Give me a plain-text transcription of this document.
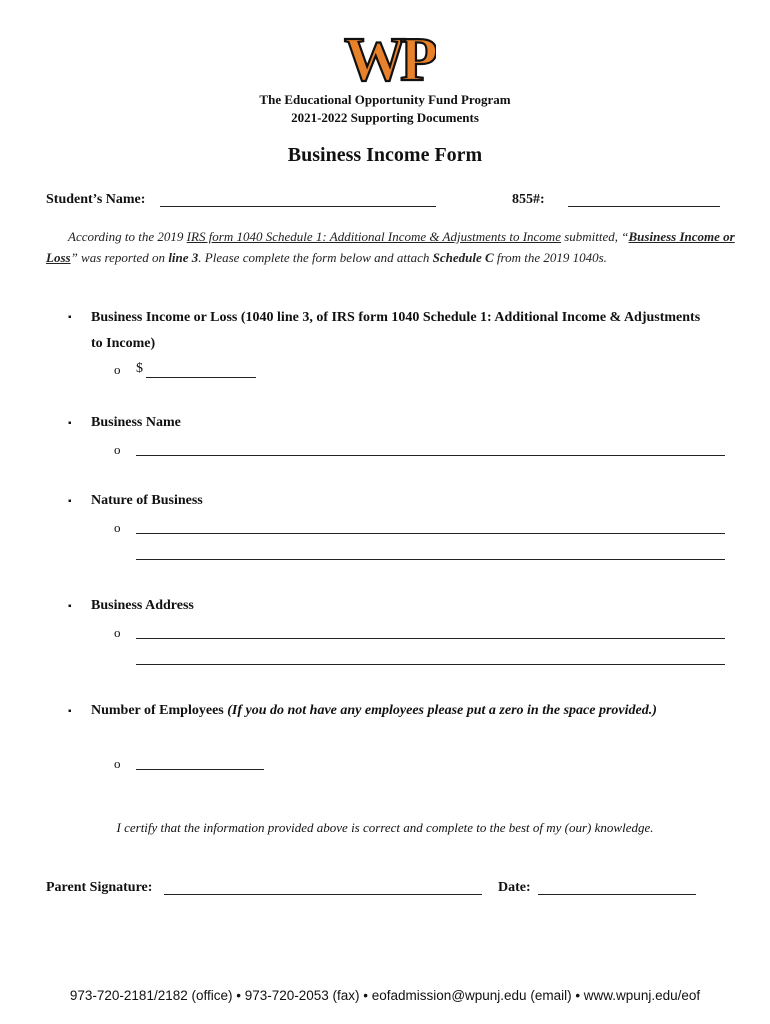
WP
The Educational Opportunity Fund Program
2021-2022 Supporting Documents
Business Income Form
Student’s Name:	855#:
According to the 2019 IRS form 1040 Schedule 1: Additional Income & Adjustments to Income submitted, “Business Income or Loss” was reported on line 3. Please complete the form below and attach Schedule C from the 2019 1040s.
▪ Business Income or Loss (1040 line 3, of IRS form 1040 Schedule 1: Additional Income & Adjustments to Income)
o $
▪ Business Name
o
▪ Nature of Business
o
▪ Business Address
o
▪ Number of Employees (If you do not have any employees please put a zero in the space provided.)
o
I certify that the information provided above is correct and complete to the best of my (our) knowledge.
Parent Signature:	Date:
973-720-2181/2182 (office) • 973-720-2053 (fax) • eofadmission@wpunj.edu (email) • www.wpunj.edu/eof
